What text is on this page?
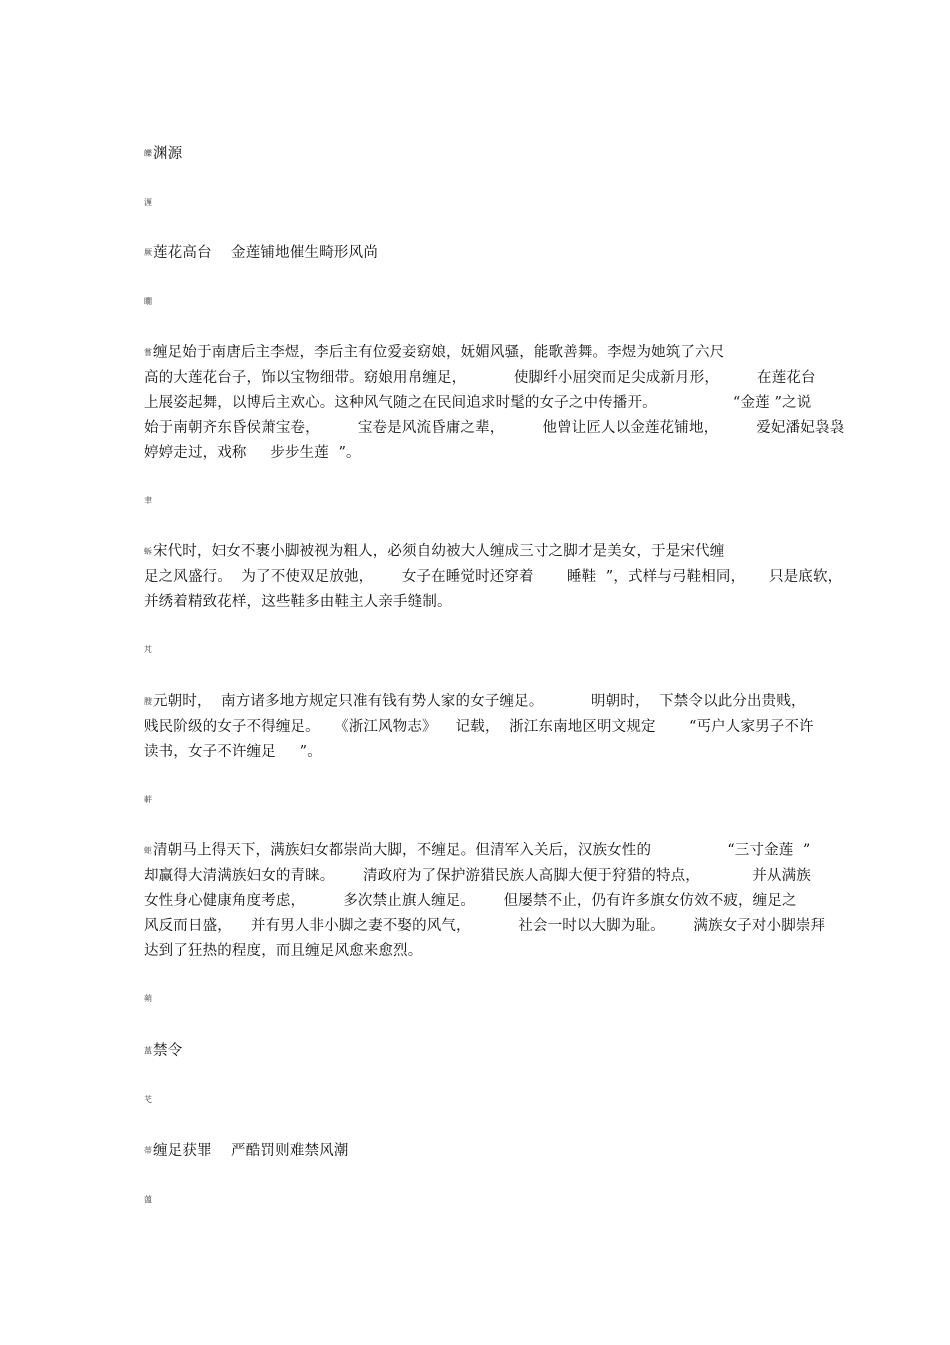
皪渊源
湹
厥莲花高台    金莲铺地催生畸形风尚
瞯
嘗缠足始于南唐后主李煜，李后主有位爱妾窈娘，妩媚风骚，能歌善舞。李煜为她筑了六尺
高的大莲花台子，饰以宝物细带。窈娘用帛缠足，          使脚纤小屈突而足尖成新月形，        在莲花台
上展姿起舞，以博后主欢心。这种风气随之在民间追求时髦的女子之中传播开。                “金莲 ”之说
始于南朝齐东昏侯萧宝卷，        宝卷是风流昏庸之辈，        他曾让匠人以金莲花铺地，        爱妃潘妃袅袅
婷婷走过，戏称     步步生莲  ”。
聿
蚸宋代时，妇女不裹小脚被视为粗人，必须自幼被大人缠成三寸之脚才是美女，于是宋代缠
足之风盛行。  为了不使双足放弛，      女子在睡觉时还穿着       睡鞋  ”，式样与弓鞋相同，     只是底软，
并绣着精致花样，这些鞋多由鞋主人亲手缝制。
芃
膄元朝时，  南方诸多地方规定只准有钱有势人家的女子缠足。          明朝时，  下禁令以此分出贵贱，
贱民阶级的女子不得缠足。   《浙江风物志》    记载，  浙江东南地区明文规定       “丐户人家男子不许
读书，女子不许缠足     ”。
蓒
蚷清朝马上得天下，满族妇女都崇尚大脚，不缠足。但清军入关后，汉族女性的                “三寸金莲  ”
却赢得大清满族妇女的青睐。      清政府为了保护游猎民族人高脚大便于狩猎的特点，           并从满族
女性身心健康角度考虑，        多次禁止旗人缠足。      但屡禁不止，仍有许多旗女仿效不疲，缠足之
风反而日盛，    并有男人非小脚之妻不娶的风气，          社会一时以大脚为耻。      满族女子对小脚崇拜
达到了狂热的程度，而且缠足风愈来愈烈。
蒴
蒕禁令
芅
蒂缠足获罪    严酷罚则难禁风潮
薀
